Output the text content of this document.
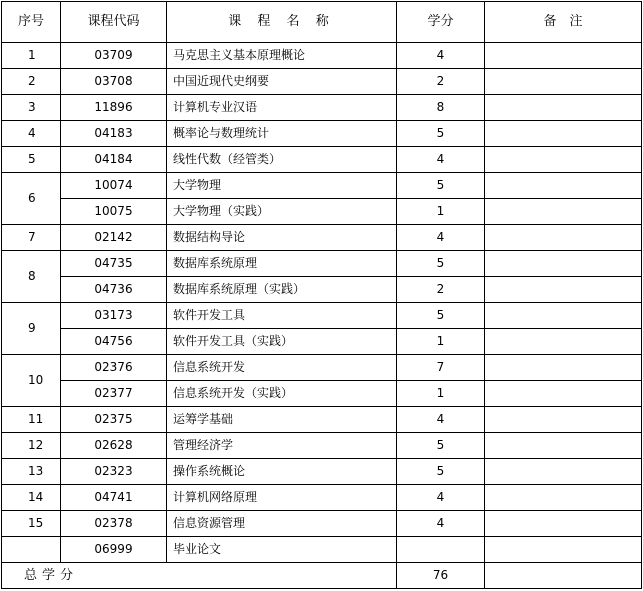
序号	课程代码	课 程 名 称	学分	备　注
1	03709	马克思主义基本原理概论	4	
2	03708	中国近现代史纲要	2	
3	11896	计算机专业汉语	8	
4	04183	概率论与数理统计	5	
5	04184	线性代数（经管类）	4	
6	10074	大学物理	5	
	10075	大学物理（实践）	1	
7	02142	数据结构导论	4	
8	04735	数据库系统原理	5	
	04736	数据库系统原理（实践）	2	
9	03173	软件开发工具	5	
	04756	软件开发工具（实践）	1	
10	02376	信息系统开发	7	
	02377	信息系统开发（实践）	1	
11	02375	运筹学基础	4	
12	02628	管理经济学	5	
13	02323	操作系统概论	5	
14	04741	计算机网络原理	4	
15	02378	信息资源管理	4	
	06999	毕业论文		
总学分			76	
